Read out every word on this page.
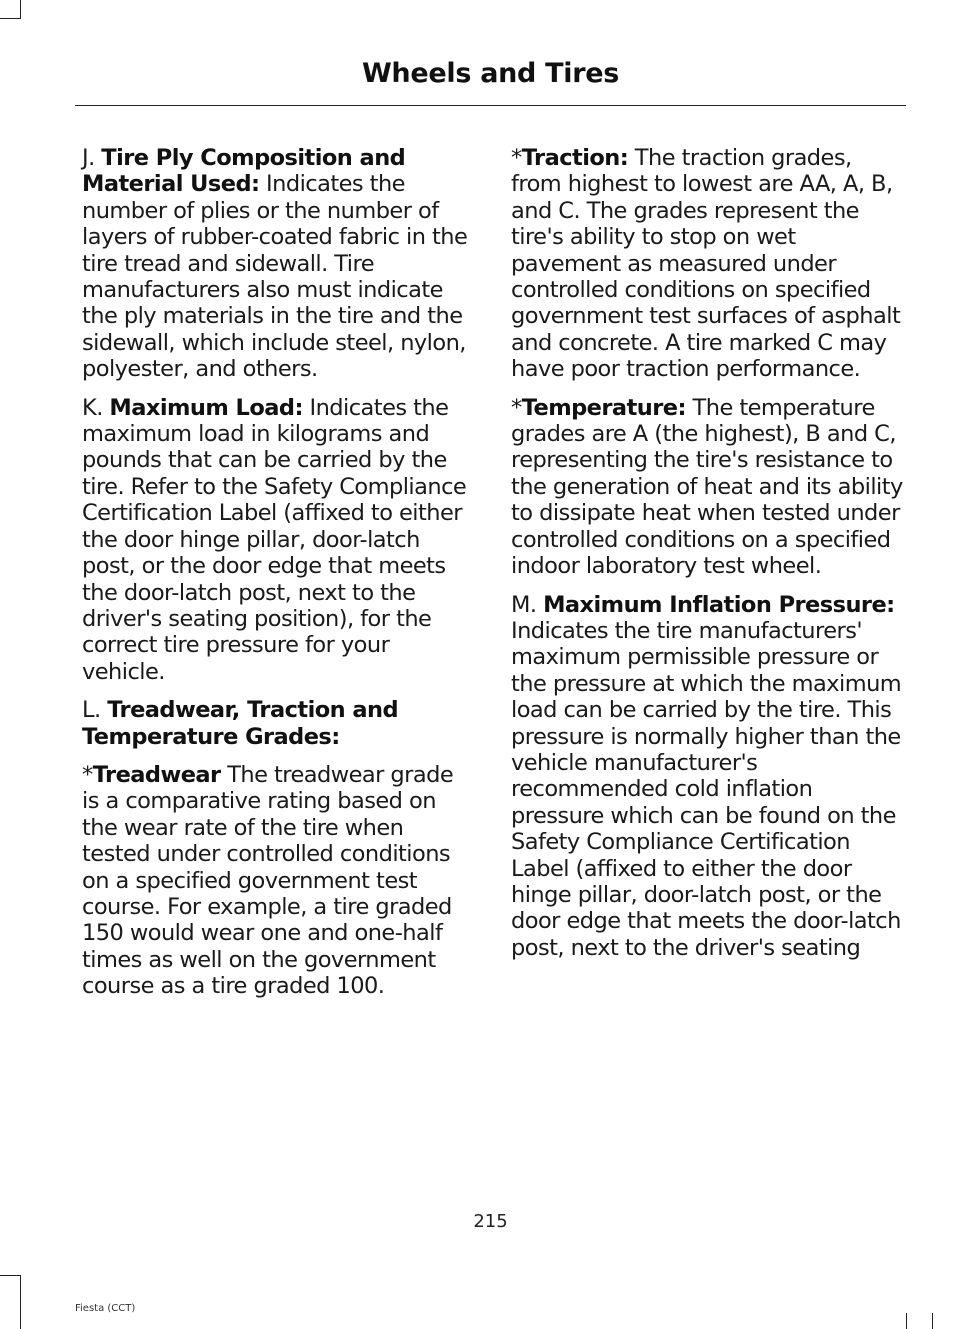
Wheels and Tires

J. Tire Ply Composition and Material Used: Indicates the number of plies or the number of layers of rubber-coated fabric in the tire tread and sidewall. Tire manufacturers also must indicate the ply materials in the tire and the sidewall, which include steel, nylon, polyester, and others.

K. Maximum Load: Indicates the maximum load in kilograms and pounds that can be carried by the tire. Refer to the Safety Compliance Certification Label (affixed to either the door hinge pillar, door-latch post, or the door edge that meets the door-latch post, next to the driver's seating position), for the correct tire pressure for your vehicle.

L. Treadwear, Traction and Temperature Grades:

*Treadwear The treadwear grade is a comparative rating based on the wear rate of the tire when tested under controlled conditions on a specified government test course. For example, a tire graded 150 would wear one and one-half times as well on the government course as a tire graded 100.

*Traction: The traction grades, from highest to lowest are AA, A, B, and C. The grades represent the tire's ability to stop on wet pavement as measured under controlled conditions on specified government test surfaces of asphalt and concrete. A tire marked C may have poor traction performance.

*Temperature: The temperature grades are A (the highest), B and C, representing the tire's resistance to the generation of heat and its ability to dissipate heat when tested under controlled conditions on a specified indoor laboratory test wheel.

M. Maximum Inflation Pressure: Indicates the tire manufacturers' maximum permissible pressure or the pressure at which the maximum load can be carried by the tire. This pressure is normally higher than the vehicle manufacturer's recommended cold inflation pressure which can be found on the Safety Compliance Certification Label (affixed to either the door hinge pillar, door-latch post, or the door edge that meets the door-latch post, next to the driver's seating

215
Fiesta (CCT)
